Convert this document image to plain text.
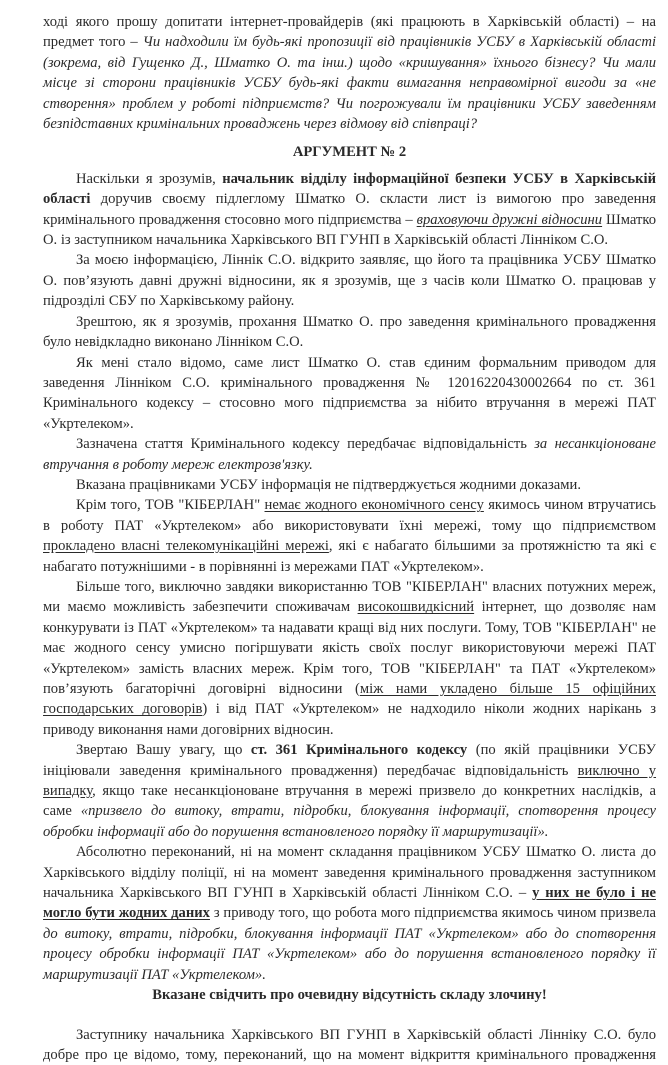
ході якого прошу допитати інтернет-провайдерів (які працюють в Харківській області) – на предмет того – Чи надходили їм будь-які пропозиції від працівників УСБУ в Харківській області (зокрема, від Гущенко Д., Шматко О. та інш.) щодо «кришування» їхнього бізнесу? Чи мали місце зі сторони працівників УСБУ будь-які факти вимагання неправомірної вигоди за «не створення» проблем у роботі підприємств? Чи погрожували їм працівники УСБУ заведенням безпідставних кримінальних проваджень через відмову від співпраці?

АРГУМЕНТ № 2

Наскільки я зрозумів, начальник відділу інформаційної безпеки УСБУ в Харківській області доручив своєму підлеглому Шматко О. скласти лист із вимогою про заведення кримінального провадження стосовно мого підприємства – враховуючи дружні відносини Шматко О. із заступником начальника Харківського ВП ГУНП в Харківській області Лінніком С.О.

За моєю інформацією, Ліннік С.О. відкрито заявляє, що його та працівника УСБУ Шматко О. пов’язують давні дружні відносини, як я зрозумів, ще з часів коли Шматко О. працював у підрозділі СБУ по Харківському району.

Зрештою, як я зрозумів, прохання Шматко О. про заведення кримінального провадження було невідкладно виконано Лінніком С.О.

Як мені стало відомо, саме лист Шматко О. став єдиним формальним приводом для заведення Лінніком С.О. кримінального провадження № 12016220430002664 по ст. 361 Кримінального кодексу – стосовно мого підприємства за нібито втручання в мережі ПАТ «Укртелеком».

Зазначена стаття Кримінального кодексу передбачає відповідальність за несанкціоноване втручання в роботу мереж електрозв'язку.

Вказана працівниками УСБУ інформація не підтверджується жодними доказами.

Крім того, ТОВ "КІБЕРЛАН" немає жодного економічного сенсу якимось чином втручатись в роботу ПАТ «Укртелеком» або використовувати їхні мережі, тому що підприємством прокладено власні телекомунікаційні мережі, які є набагато більшими за протяжністю та які є набагато потужнішими - в порівнянні із мережами ПАТ «Укртелеком».

Більше того, виключно завдяки використанню ТОВ "КІБЕРЛАН" власних потужних мереж, ми маємо можливість забезпечити споживачам високошвидкісний інтернет, що дозволяє нам конкурувати із ПАТ «Укртелеком» та надавати кращі від них послуги. Тому, ТОВ "КІБЕРЛАН" не має жодного сенсу умисно погіршувати якість своїх послуг використовуючи мережі ПАТ «Укртелеком» замість власних мереж. Крім того, ТОВ "КІБЕРЛАН" та ПАТ «Укртелеком» пов’язують багаторічні договірні відносини (між нами укладено більше 15 офіційних господарських договорів) і від ПАТ «Укртелеком» не надходило ніколи жодних нарікань з приводу виконання нами договірних відносин.

Звертаю Вашу увагу, що ст. 361 Кримінального кодексу (по якій працівники УСБУ ініціювали заведення кримінального провадження) передбачає відповідальність виключно у випадку, якщо таке несанкціоноване втручання в мережі призвело до конкретних наслідків, а саме «призвело до витоку, втрати, підробки, блокування інформації, спотворення процесу обробки інформації або до порушення встановленого порядку її маршрутизації».

Абсолютно переконаний, ні на момент складання працівником УСБУ Шматко О. листа до Харківського відділу поліції, ні на момент заведення кримінального провадження заступником начальника Харківського ВП ГУНП в Харківській області Лінніком С.О. – у них не було і не могло бути жодних даних з приводу того, що робота мого підприємства якимось чином призвела до витоку, втрати, підробки, блокування інформації ПАТ «Укртелеком» або до спотворення процесу обробки інформації ПАТ «Укртелеком» або до порушення встановленого порядку її маршрутизації ПАТ «Укртелеком».

Вказане свідчить про очевидну відсутність складу злочину!

Заступнику начальника Харківського ВП ГУНП в Харківській області Лінніку С.О. було добре про це відомо, тому, переконаний, що на момент відкриття кримінального провадження
